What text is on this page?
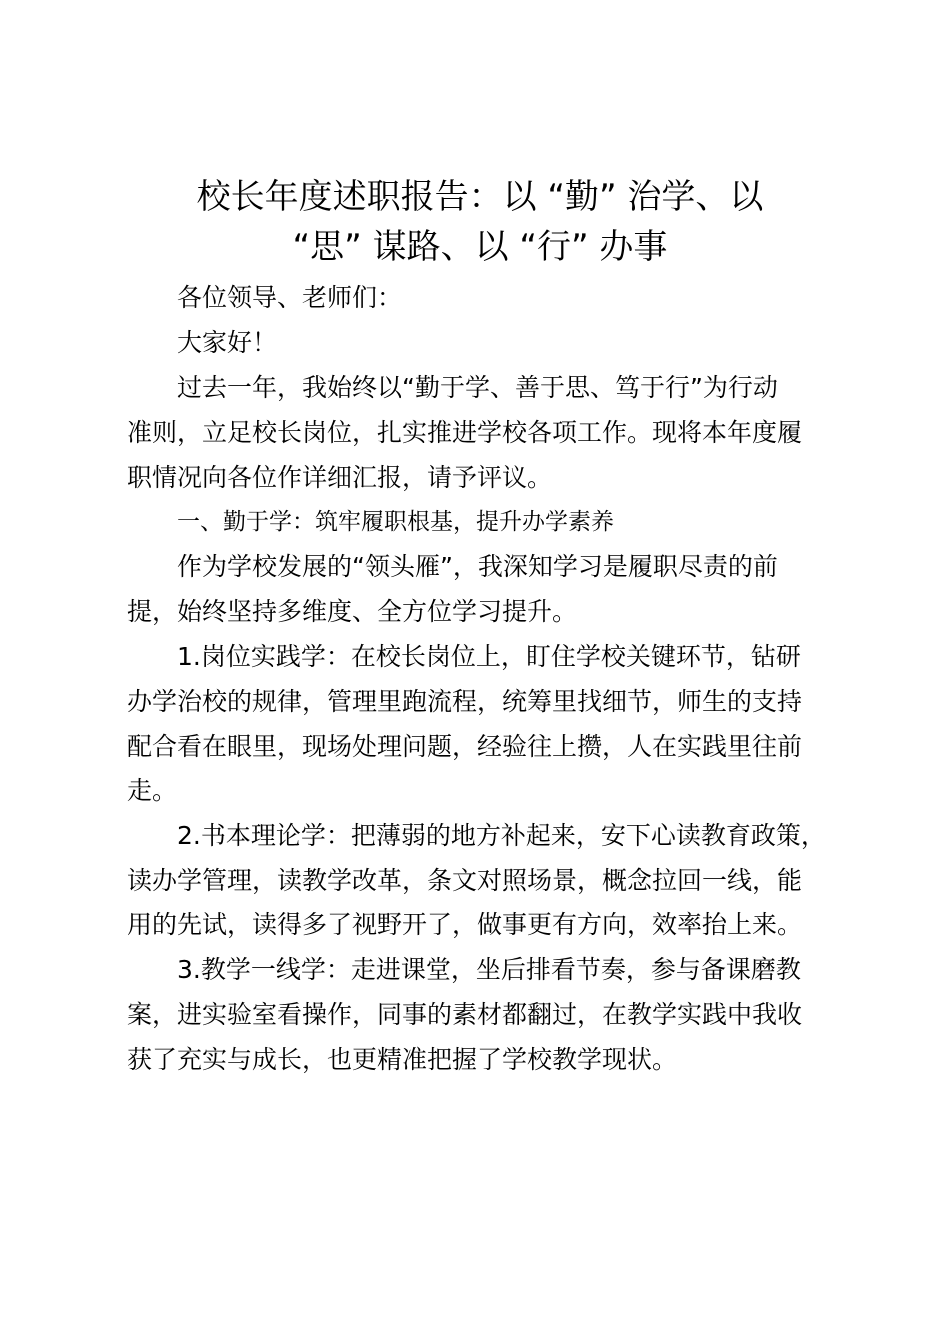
校长年度述职报告：以 “勤” 治学、以
“思” 谋路、以 “行” 办事

各位领导、老师们：

大家好！

过去一年，我始终以“勤于学、善于思、笃于行”为行动

准则，立足校长岗位，扎实推进学校各项工作。现将本年度履

职情况向各位作详细汇报，请予评议。

一、勤于学：筑牢履职根基，提升办学素养

作为学校发展的“领头雁”，我深知学习是履职尽责的前

提，始终坚持多维度、全方位学习提升。

1.岗位实践学：在校长岗位上，盯住学校关键环节，钻研

办学治校的规律，管理里跑流程，统筹里找细节，师生的支持

配合看在眼里，现场处理问题，经验往上攒，人在实践里往前

走。

2.书本理论学：把薄弱的地方补起来，安下心读教育政策，

读办学管理，读教学改革，条文对照场景，概念拉回一线，能

用的先试，读得多了视野开了，做事更有方向，效率抬上来。

3.教学一线学：走进课堂，坐后排看节奏，参与备课磨教

案，进实验室看操作，同事的素材都翻过，在教学实践中我收

获了充实与成长，也更精准把握了学校教学现状。
